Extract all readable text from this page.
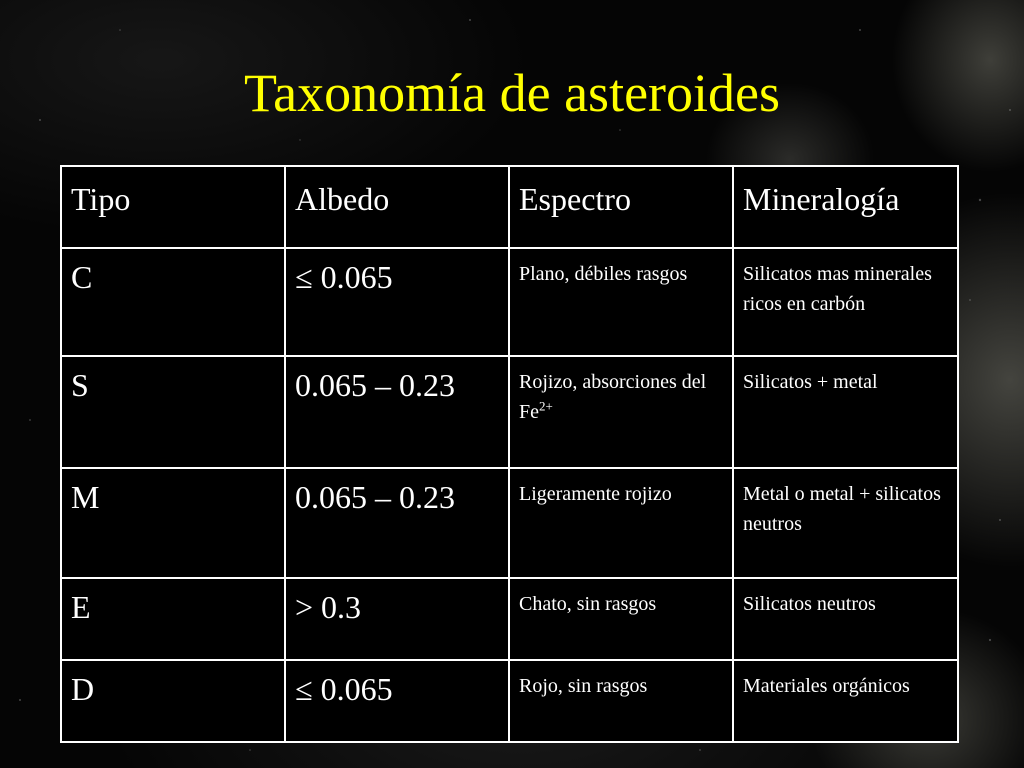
Taxonomía de asteroides
Tipo	Albedo	Espectro	Mineralogía
C	≤ 0.065	Plano, débiles rasgos	Silicatos mas minerales ricos en carbón
S	0.065 – 0.23	Rojizo, absorciones del $Fe^{2+}$	Silicatos + metal
M	0.065 – 0.23	Ligeramente rojizo	Metal o metal + silicatos neutros
E	> 0.3	Chato, sin rasgos	Silicatos neutros
D	≤ 0.065	Rojo, sin rasgos	Materiales orgánicos
